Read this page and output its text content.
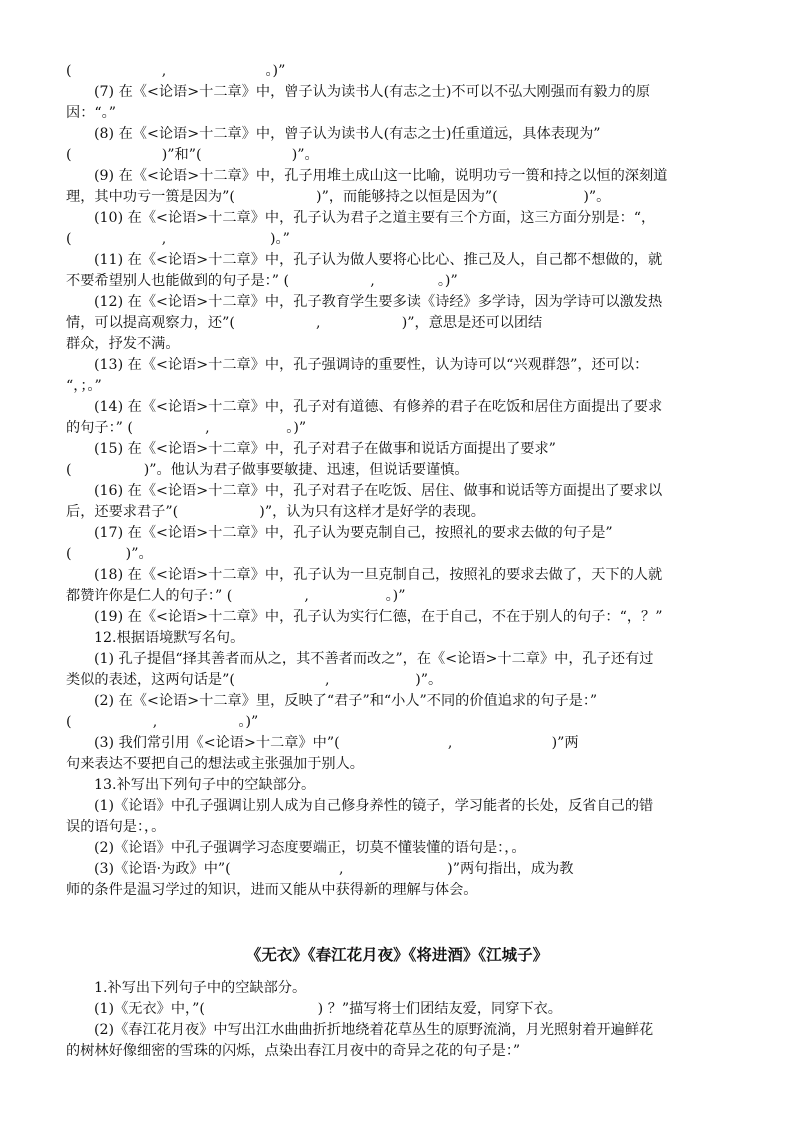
(                    ,                      。)”
(7) 在《<论语>十二章》中，曾子认为读书人(有志之士)不可以不弘大刚强而有毅力的原
因：“。”
(8) 在《<论语>十二章》中，曾子认为读书人(有志之士)任重道远，具体表现为”
(                    )”和”(                    )”。
(9) 在《<论语>十二章》中，孔子用堆土成山这一比喻，说明功亏一篑和持之以恒的深刻道
理，其中功亏一篑是因为”(                  )”，而能够持之以恒是因为”(                   )”。
(10) 在《<论语>十二章》中，孔子认为君子之道主要有三个方面，这三方面分别是：“，
(                    ,                       )。”
(11) 在《<论语>十二章》中，孔子认为做人要将心比心、推己及人，自己都不想做的，就
不要希望别人也能做到的句子是：” (                  ,              。)”
(12) 在《<论语>十二章》中，孔子教育学生要多读《诗经》多学诗，因为学诗可以激发热
情，可以提高观察力，还”(                  ,                  )”，意思是还可以团结
群众，抒发不满。
(13) 在《<论语>十二章》中，孔子强调诗的重要性，认为诗可以“兴观群怨”，还可以：
“，；。”
(14) 在《<论语>十二章》中，孔子对有道德、有修养的君子在吃饭和居住方面提出了要求
的句子：” (                ,                 。)”
(15) 在《<论语>十二章》中，孔子对君子在做事和说话方面提出了要求”
(                )”。他认为君子做事要敏捷、迅速，但说话要谨慎。
(16) 在《<论语>十二章》中，孔子对君子在吃饭、居住、做事和说话等方面提出了要求以
后，还要求君子”(                  )”，认为只有这样才是好学的表现。
(17) 在《<论语>十二章》中，孔子认为要克制自己，按照礼的要求去做的句子是”
(            )”。
(18) 在《<论语>十二章》中，孔子认为一旦克制自己，按照礼的要求去做了，天下的人就
都赞许你是仁人的句子：” (                ,                 。)”
(19) 在《<论语>十二章》中，孔子认为实行仁德，在于自己，不在于别人的句子：“，？”
12.根据语境默写名句。
(1) 孔子提倡“择其善者而从之，其不善者而改之”，在《<论语>十二章》中，孔子还有过
类似的表述，这两句话是”(                    ,                   )”。
(2) 在《<论语>十二章》里，反映了“君子”和“小人”不同的价值追求的句子是：”
(                  ,                  。)”
(3) 我们常引用《<论语>十二章》中”(                        ,                      )”两
句来表达不要把自己的想法或主张强加于别人。
13.补写出下列句子中的空缺部分。
(1)《论语》中孔子强调让别人成为自己修身养性的镜子，学习能者的长处，反省自己的错
误的语句是：，。
(2)《论语》中孔子强调学习态度要端正，切莫不懂装懂的语句是：，。
(3)《论语·为政》中”(                        ,                       )”两句指出，成为教
师的条件是温习学过的知识，进而又能从中获得新的理解与体会。
《无衣》《春江花月夜》《将进酒》《江城子》
1.补写出下列句子中的空缺部分。
(1)《无衣》中，”(                         ) ？”描写将士们团结友爱，同穿下衣。
(2)《春江花月夜》中写出江水曲曲折折地绕着花草丛生的原野流淌，月光照射着开遍鲜花
的树林好像细密的雪珠的闪烁，点染出春江月夜中的奇异之花的句子是：”
